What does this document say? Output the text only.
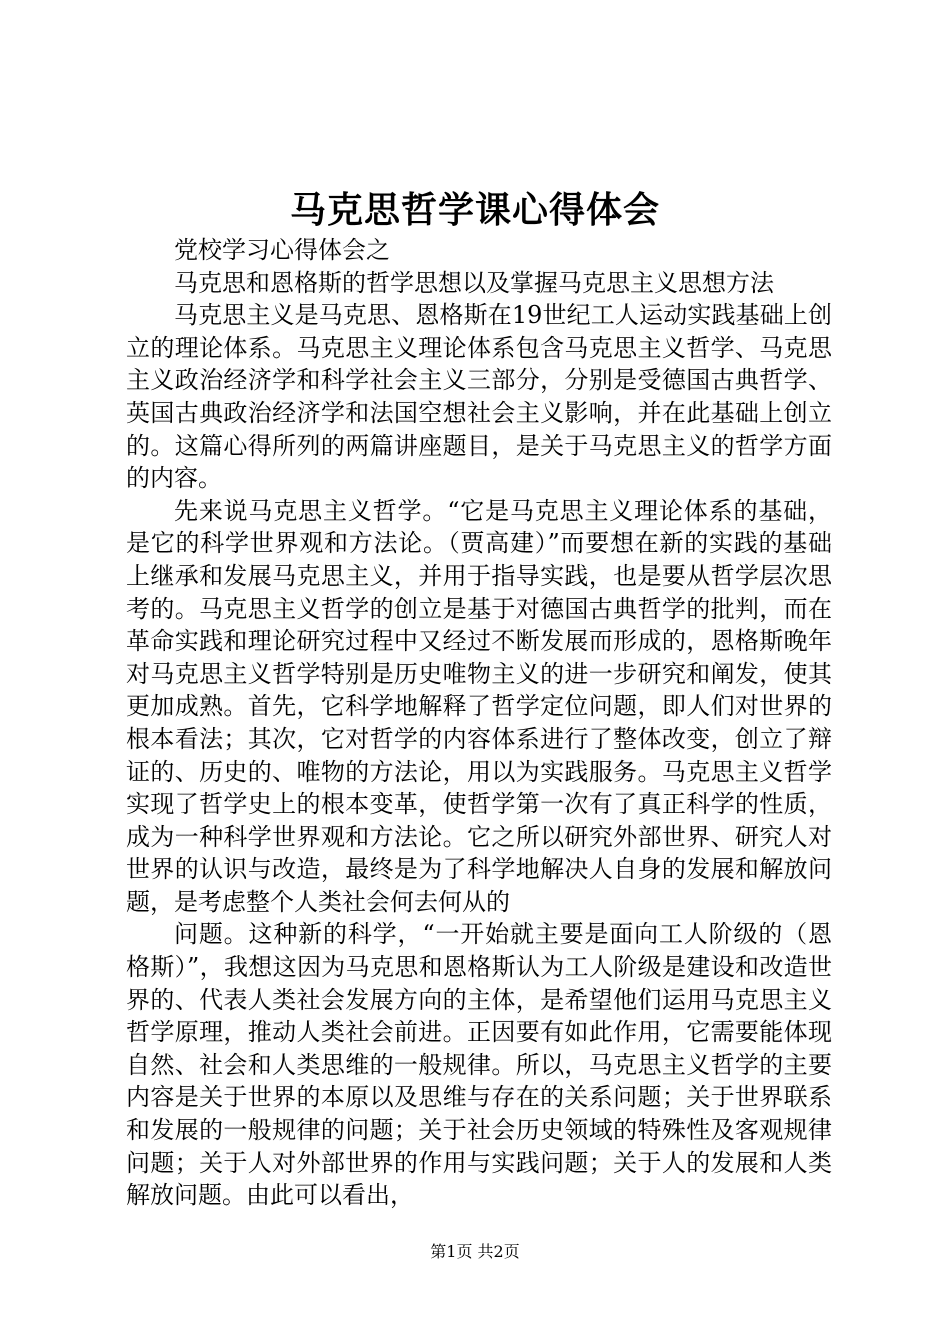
马克思哲学课心得体会

党校学习心得体会之

马克思和恩格斯的哲学思想以及掌握马克思主义思想方法

马克思主义是马克思、恩格斯在19世纪工人运动实践基础上创立的理论体系。马克思主义理论体系包含马克思主义哲学、马克思主义政治经济学和科学社会主义三部分，分别是受德国古典哲学、英国古典政治经济学和法国空想社会主义影响，并在此基础上创立的。这篇心得所列的两篇讲座题目，是关于马克思主义的哲学方面的内容。

先来说马克思主义哲学。“它是马克思主义理论体系的基础，是它的科学世界观和方法论。（贾高建）”而要想在新的实践的基础上继承和发展马克思主义，并用于指导实践，也是要从哲学层次思考的。马克思主义哲学的创立是基于对德国古典哲学的批判，而在革命实践和理论研究过程中又经过不断发展而形成的，恩格斯晚年对马克思主义哲学特别是历史唯物主义的进一步研究和阐发，使其更加成熟。首先，它科学地解释了哲学定位问题，即人们对世界的根本看法；其次，它对哲学的内容体系进行了整体改变，创立了辩证的、历史的、唯物的方法论，用以为实践服务。马克思主义哲学实现了哲学史上的根本变革，使哲学第一次有了真正科学的性质，成为一种科学世界观和方法论。它之所以研究外部世界、研究人对世界的认识与改造，最终是为了科学地解决人自身的发展和解放问题，是考虑整个人类社会何去何从的

问题。这种新的科学，“一开始就主要是面向工人阶级的（恩格斯）”，我想这因为马克思和恩格斯认为工人阶级是建设和改造世界的、代表人类社会发展方向的主体，是希望他们运用马克思主义哲学原理，推动人类社会前进。正因要有如此作用，它需要能体现自然、社会和人类思维的一般规律。所以，马克思主义哲学的主要内容是关于世界的本原以及思维与存在的关系问题；关于世界联系和发展的一般规律的问题；关于社会历史领域的特殊性及客观规律问题；关于人对外部世界的作用与实践问题；关于人的发展和人类解放问题。由此可以看出，

第1页 共2页
